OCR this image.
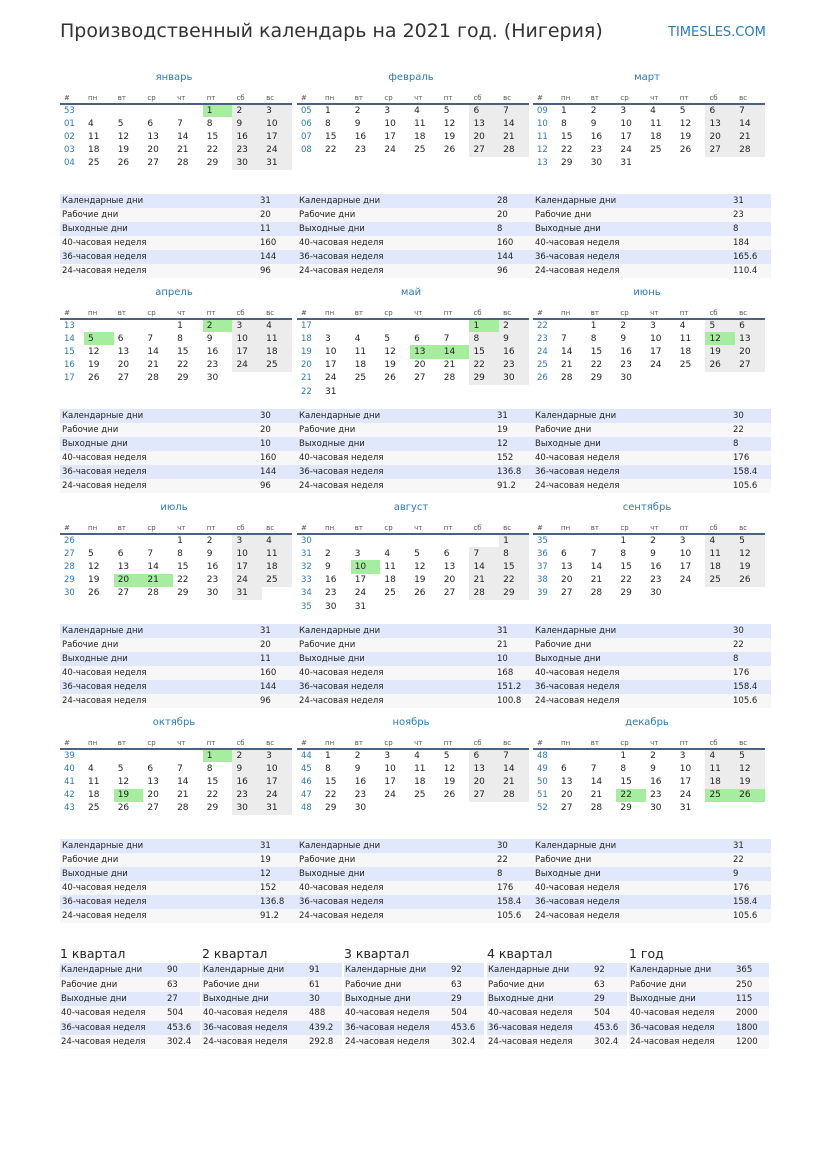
Производственный календарь на 2021 год. (Нигерия)	TIMESLES.COM
январь
#	пн	вт	ср	чт	пт	сб	вс
53					1	2	3
01	4	5	6	7	8	9	10
02	11	12	13	14	15	16	17
03	18	19	20	21	22	23	24
04	25	26	27	28	29	30	31
Календарные дни	31
Рабочие дни	20
Выходные дни	11
40-часовая неделя	160
36-часовая неделя	144
24-часовая неделя	96
февраль
#	пн	вт	ср	чт	пт	сб	вс
05	1	2	3	4	5	6	7
06	8	9	10	11	12	13	14
07	15	16	17	18	19	20	21
08	22	23	24	25	26	27	28
Календарные дни	28
Рабочие дни	20
Выходные дни	8
40-часовая неделя	160
36-часовая неделя	144
24-часовая неделя	96
март
#	пн	вт	ср	чт	пт	сб	вс
09	1	2	3	4	5	6	7
10	8	9	10	11	12	13	14
11	15	16	17	18	19	20	21
12	22	23	24	25	26	27	28
13	29	30	31				
Календарные дни	31
Рабочие дни	23
Выходные дни	8
40-часовая неделя	184
36-часовая неделя	165.6
24-часовая неделя	110.4
апрель
#	пн	вт	ср	чт	пт	сб	вс
13				1	2	3	4
14	5	6	7	8	9	10	11
15	12	13	14	15	16	17	18
16	19	20	21	22	23	24	25
17	26	27	28	29	30		
Календарные дни	30
Рабочие дни	20
Выходные дни	10
40-часовая неделя	160
36-часовая неделя	144
24-часовая неделя	96
май
#	пн	вт	ср	чт	пт	сб	вс
17						1	2
18	3	4	5	6	7	8	9
19	10	11	12	13	14	15	16
20	17	18	19	20	21	22	23
21	24	25	26	27	28	29	30
22	31						
Календарные дни	31
Рабочие дни	19
Выходные дни	12
40-часовая неделя	152
36-часовая неделя	136.8
24-часовая неделя	91.2
июнь
#	пн	вт	ср	чт	пт	сб	вс
22		1	2	3	4	5	6
23	7	8	9	10	11	12	13
24	14	15	16	17	18	19	20
25	21	22	23	24	25	26	27
26	28	29	30				
Календарные дни	30
Рабочие дни	22
Выходные дни	8
40-часовая неделя	176
36-часовая неделя	158.4
24-часовая неделя	105.6
июль
#	пн	вт	ср	чт	пт	сб	вс
26				1	2	3	4
27	5	6	7	8	9	10	11
28	12	13	14	15	16	17	18
29	19	20	21	22	23	24	25
30	26	27	28	29	30	31	
Календарные дни	31
Рабочие дни	20
Выходные дни	11
40-часовая неделя	160
36-часовая неделя	144
24-часовая неделя	96
август
#	пн	вт	ср	чт	пт	сб	вс
30							1
31	2	3	4	5	6	7	8
32	9	10	11	12	13	14	15
33	16	17	18	19	20	21	22
34	23	24	25	26	27	28	29
35	30	31					
Календарные дни	31
Рабочие дни	21
Выходные дни	10
40-часовая неделя	168
36-часовая неделя	151.2
24-часовая неделя	100.8
сентябрь
#	пн	вт	ср	чт	пт	сб	вс
35			1	2	3	4	5
36	6	7	8	9	10	11	12
37	13	14	15	16	17	18	19
38	20	21	22	23	24	25	26
39	27	28	29	30			
Календарные дни	30
Рабочие дни	22
Выходные дни	8
40-часовая неделя	176
36-часовая неделя	158.4
24-часовая неделя	105.6
октябрь
#	пн	вт	ср	чт	пт	сб	вс
39					1	2	3
40	4	5	6	7	8	9	10
41	11	12	13	14	15	16	17
42	18	19	20	21	22	23	24
43	25	26	27	28	29	30	31
Календарные дни	31
Рабочие дни	19
Выходные дни	12
40-часовая неделя	152
36-часовая неделя	136.8
24-часовая неделя	91.2
ноябрь
#	пн	вт	ср	чт	пт	сб	вс
44	1	2	3	4	5	6	7
45	8	9	10	11	12	13	14
46	15	16	17	18	19	20	21
47	22	23	24	25	26	27	28
48	29	30					
Календарные дни	30
Рабочие дни	22
Выходные дни	8
40-часовая неделя	176
36-часовая неделя	158.4
24-часовая неделя	105.6
декабрь
#	пн	вт	ср	чт	пт	сб	вс
48			1	2	3	4	5
49	6	7	8	9	10	11	12
50	13	14	15	16	17	18	19
51	20	21	22	23	24	25	26
52	27	28	29	30	31		
Календарные дни	31
Рабочие дни	22
Выходные дни	9
40-часовая неделя	176
36-часовая неделя	158.4
24-часовая неделя	105.6
1 квартал
Календарные дни	90
Рабочие дни	63
Выходные дни	27
40-часовая неделя	504
36-часовая неделя	453.6
24-часовая неделя	302.4
2 квартал
Календарные дни	91
Рабочие дни	61
Выходные дни	30
40-часовая неделя	488
36-часовая неделя	439.2
24-часовая неделя	292.8
3 квартал
Календарные дни	92
Рабочие дни	63
Выходные дни	29
40-часовая неделя	504
36-часовая неделя	453.6
24-часовая неделя	302.4
4 квартал
Календарные дни	92
Рабочие дни	63
Выходные дни	29
40-часовая неделя	504
36-часовая неделя	453.6
24-часовая неделя	302.4
1 год
Календарные дни	365
Рабочие дни	250
Выходные дни	115
40-часовая неделя	2000
36-часовая неделя	1800
24-часовая неделя	1200
